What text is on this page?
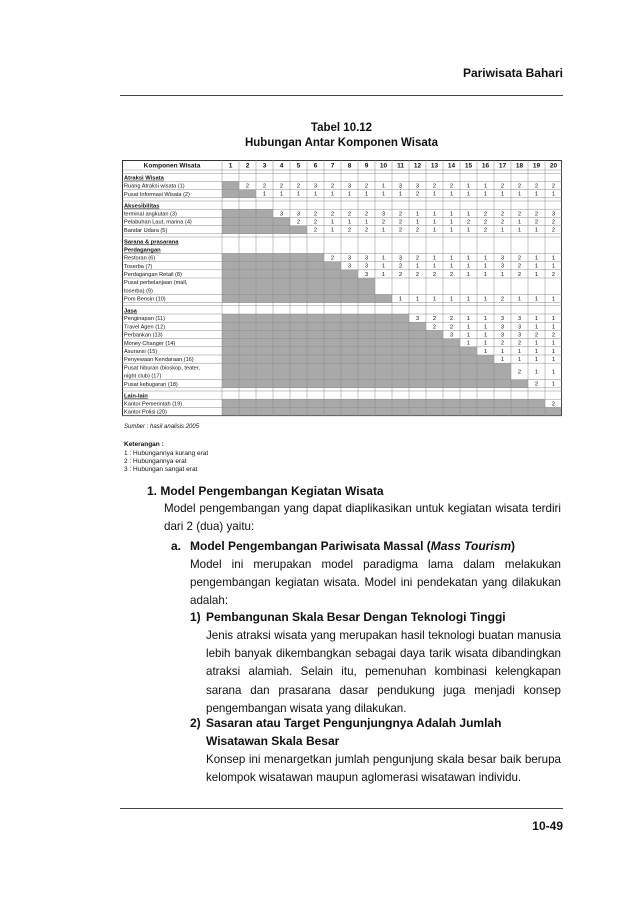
Pariwisata Bahari
Tabel 10.12
Hubungan Antar Komponen Wisata
Komponen Wisata	1 2 3 4 5 6 7 8 9 10 11 12 13 14 15 16 17 18 19 20
Atraksi Wisata
2 2 2 2 3 2 3 2 1 3 3 2 2 1 1 2 2 2 2
Ruang Atraksi wisata (1)
1 1 1 1 1 1 1 1 1 2 1 1 1 1 1 1 1 1
Pusat Informasi Wisata (2)
Aksesibilitas
3 3 2 2 2 2 3 2 1 1 1 1 2 2 2 2 3
terminal angkutan (3)
2 2 1 1 1 2 2 1 1 1 2 2 2 1 2 2
Pelabuhan Laut, marina (4)
2 1 2 2 1 2 2 1 1 1 2 1 1 1 2
Bandar Udara (5)
Sarana & prasarana
Perdagangan
2 3 3 1 3 2 1 1 1 1 3 2 1 1
Restoran (6)
3 3 1 2 1 1 1 1 1 3 2 1 1
Toserba (7)
3 1 2 2 2 2 1 1 1 2 1 2
Perdagangan Retail (8)
Pusat perbelanjaan (mall,
toserba) (9)
1 1 1 1 1 1 2 1 1 1
Pom Bensin (10)
Jasa
3 2 2 1 1 3 3 1 1
Penginapan (11)
2 2 1 1 3 3 1 1
Travel Agen (12)
3 1 1 3 3 2 2
Perbankan (13)
1 1 2 2 1 1
Money Changer (14)
1 1 1 1 1
Asuransi (15)
1 1 1 1
Penyewaan Kendaraan (16)
2 1 1
Pusat hiburan (bioskop, teater,
night club) (17)
2 1
Pusat kebugaran (18)
Lain-lain
2
Kantor Pemerintah (19)
Kantor Polisi (20)
Sumber : hasil analisis 2005
Keterangan :
1 : Hubungannya kurang erat
2 : Hubungannya erat
3 : Hubungan sangat erat
1. Model Pengembangan Kegiatan Wisata
Model pengembangan yang dapat diaplikasikan untuk kegiatan wisata terdiri dari 2 (dua) yaitu:
a. Model Pengembangan Pariwisata Massal (Mass Tourism)
Model ini merupakan model paradigma lama dalam melakukan pengembangan kegiatan wisata. Model ini pendekatan yang dilakukan adalah:
1) Pembangunan Skala Besar Dengan Teknologi Tinggi
Jenis atraksi wisata yang merupakan hasil teknologi buatan manusia lebih banyak dikembangkan sebagai daya tarik wisata dibandingkan atraksi alamiah. Selain itu, pemenuhan kombinasi kelengkapan sarana dan prasarana dasar pendukung juga menjadi konsep pengembangan wisata yang dilakukan.
2) Sasaran atau Target Pengunjungnya Adalah Jumlah Wisatawan Skala Besar
Konsep ini menargetkan jumlah pengunjung skala besar baik berupa kelompok wisatawan maupun aglomerasi wisatawan individu.
10-49
